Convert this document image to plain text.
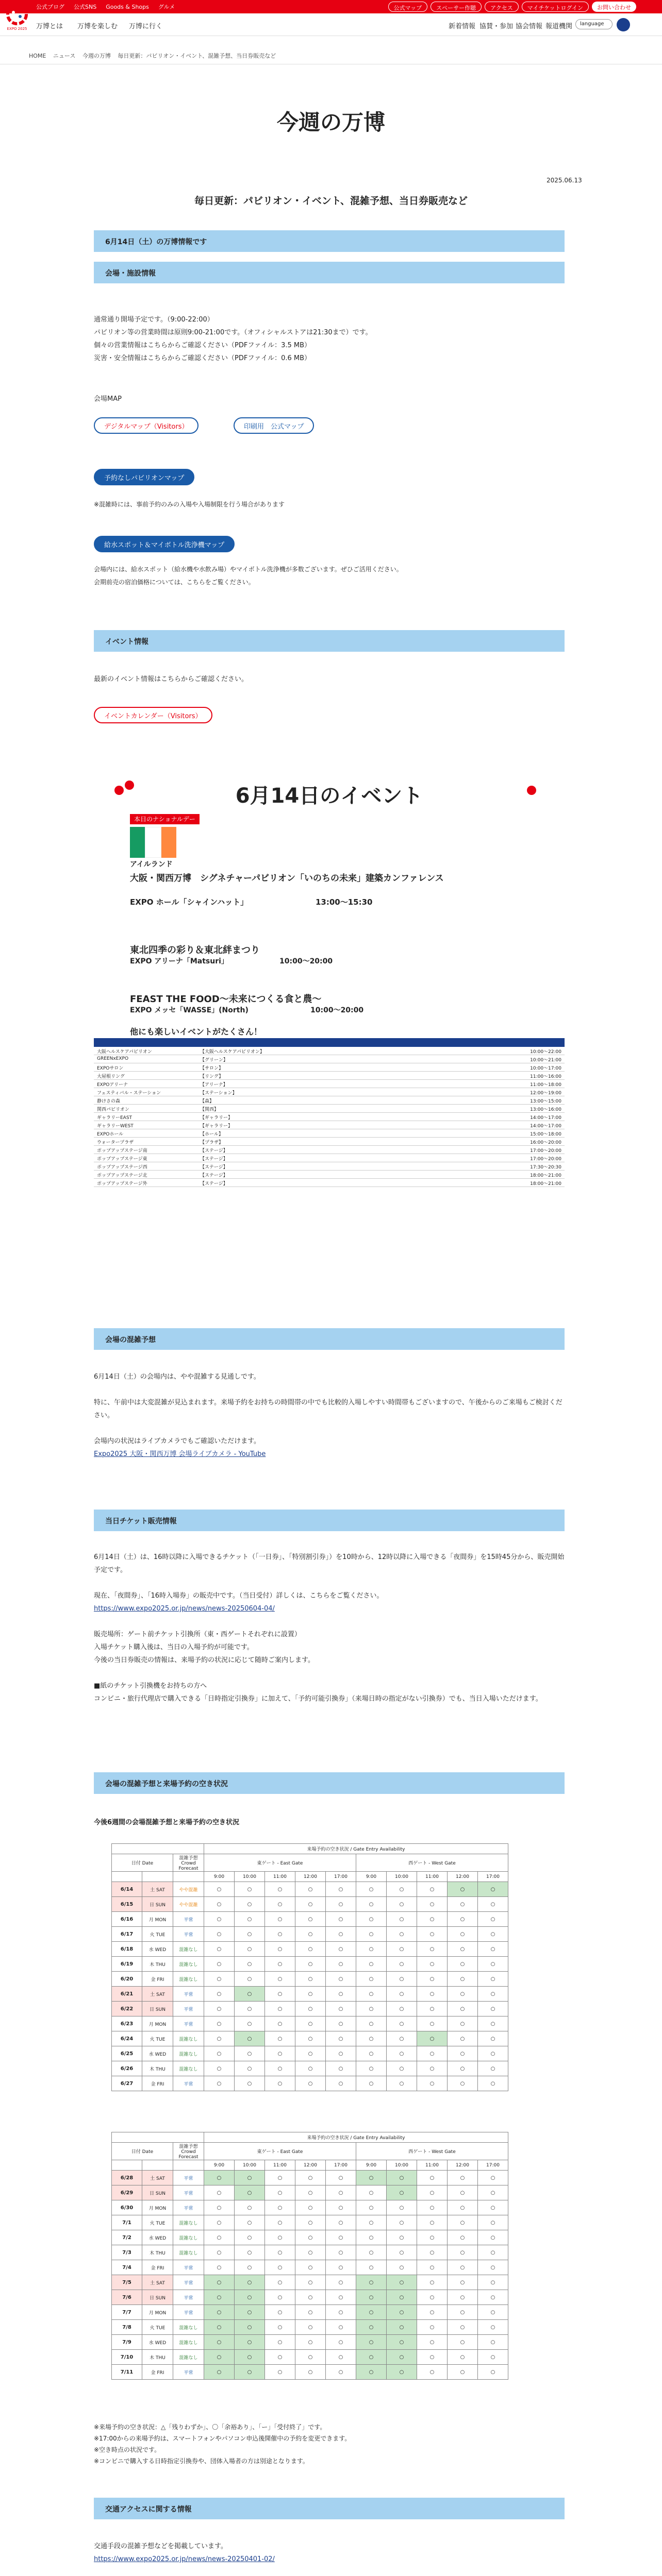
公式ブログ 公式SNS Goods & Shops グルメ	公式マップ	スペーサー作聴	アクセス	マイチケットログイン	お問い合わせ
万博とは 万博を楽しむ 万博に行く	新着情報 協賛・参加 協会情報 報道機関	language
EXPO 2025
HOME ニュース 今週の万博 毎日更新：パビリオン・イベント、混雑予想、当日券販売など
今週の万博
2025.06.13
毎日更新：パビリオン・イベント、混雑予想、当日券販売など
6月14日（土）の万博情報です
会場・施設情報
通常通り開場予定です。（9:00-22:00）
パビリオン等の営業時間は原則9:00-21:00です。（オフィシャルストアは21:30まで）です。
個々の営業情報はこちらからご確認ください（PDFファイル：3.5 MB）
災害・安全情報はこちらからご確認ください（PDFファイル：0.6 MB）
会場MAP
デジタルマップ（Visitors）	印刷用　公式マップ
予約なしパビリオンマップ
※混雑時には、事前予約のみの入場や入場制限を行う場合があります
給水スポット＆マイボトル洗浄機マップ
会場内には、給水スポット（給水機や水飲み場）やマイボトル洗浄機が多数ございます。ぜひご活用ください。
会期前売の宿泊価格については、こちらをご覧ください。
イベント情報
最新のイベント情報はこちらからご確認ください。
イベントカレンダー（Visitors）
6月14日のイベント
本日のナショナルデー
アイルランド
大阪・関西万博　シグネチャーパビリオン「いのちの未来」建築カンファレンス
EXPO ホール「シャインハット」	13:00～15:30
東北四季の彩り＆東北絆まつり
EXPO アリーナ「Matsuri」	10:00～20:00
FEAST THE FOOD～未来につくる食と農～
EXPO メッセ「WASSE」(North)	10:00～20:00
他にも楽しいイベントがたくさん！
大阪ヘルスケアパビリオン	【大阪ヘルスケアパビリオン】	10:00～22:00
GREENxEXPO	【グリーン】	10:00～21:00
EXPOサロン	【サロン】	10:00～17:00
大屋根リング	【リング】	11:00～16:00
EXPOアリーナ	【アリーナ】	11:00～18:00
フェスティバル・ステーション	【ステーション】	12:00～19:00
静けさの森	【森】	13:00～15:00
関西パビリオン	【関西】	13:00～16:00
ギャラリーEAST	【ギャラリー】	14:00～17:00
ギャラリーWEST	【ギャラリー】	14:00～17:00
EXPOホール	【ホール】	15:00～18:00
ウォータープラザ	【プラザ】	16:00～20:00
ポップアップステージ南	【ステージ】	17:00～20:00
ポップアップステージ東	【ステージ】	17:00～20:00
ポップアップステージ西	【ステージ】	17:30～20:30
ポップアップステージ北	【ステージ】	18:00～21:00
ポップアップステージ外	【ステージ】	18:00～21:00
会場の混雑予想
6月14日（土）の会場内は、やや混雑する見通しです。

特に、午前中は大変混雑が見込まれます。来場予約をお持ちの時間帯の中でも比較的入場しやすい時間帯もございますので、午後からのご来場もご検討ください。

会場内の状況はライブカメラでもご確認いただけます。
Expo2025 大阪・関西万博 会場ライブカメラ - YouTube
当日チケット販売情報
6月14日（土）は、16時以降に入場できるチケット（「一日券」、「特別割引券」）を10時から、12時以降に入場できる「夜間券」を15時45分から、販売開始予定です。

現在、「夜間券」、「16時入場券」の販売中です。（当日受付）詳しくは、こちらをご覧ください。
https://www.expo2025.or.jp/news/news-20250604-04/

販売場所：ゲート前チケット引換所（東・西ゲートそれぞれに設置）
入場チケット購入後は、当日の入場予約が可能です。
今後の当日券販売の情報は、来場予約の状況に応じて随時ご案内します。

■紙のチケット引換機をお持ちの方へ
コンビニ・旅行代理店で購入できる「日時指定引換券」に加えて、「予約可能引換券」（来場日時の指定がない引換券）でも、当日入場いただけます。
会場の混雑予想と来場予約の空き状況
今後6週間の会場混雑予想と来場予約の空き状況
			来場予約の空き状況 / Gate Entry Availability									
日付 Date		混雑予想 Crowd Forecast	東ゲート - East Gate					西ゲート - West Gate				
			9:00	10:00	11:00	12:00	17:00	9:00	10:00	11:00	12:00	17:00
6/14	土 SAT	やや混雑	○	○	○	○	○	○	○	○	○	○
6/15	日 SUN	やや混雑	○	○	○	○	○	○	○	○	○	○
6/16	月 MON	平常	○	○	○	○	○	○	○	○	○	○
6/17	火 TUE	平常	○	○	○	○	○	○	○	○	○	○
6/18	水 WED	混雑なし	○	○	○	○	○	○	○	○	○	○
6/19	木 THU	混雑なし	○	○	○	○	○	○	○	○	○	○
6/20	金 FRI	混雑なし	○	○	○	○	○	○	○	○	○	○
6/21	土 SAT	平常	○	○	○	○	○	○	○	○	○	○
6/22	日 SUN	平常	○	○	○	○	○	○	○	○	○	○
6/23	月 MON	平常	○	○	○	○	○	○	○	○	○	○
6/24	火 TUE	混雑なし	○	○	○	○	○	○	○	○	○	○
6/25	水 WED	混雑なし	○	○	○	○	○	○	○	○	○	○
6/26	木 THU	混雑なし	○	○	○	○	○	○	○	○	○	○
6/27	金 FRI	平常	○	○	○	○	○	○	○	○	○	○
			来場予約の空き状況 / Gate Entry Availability									
日付 Date		混雑予想 Crowd Forecast	東ゲート - East Gate					西ゲート - West Gate				
			9:00	10:00	11:00	12:00	17:00	9:00	10:00	11:00	12:00	17:00
6/28	土 SAT	平常	○	○	○	○	○	○	○	○	○	○
6/29	日 SUN	平常	○	○	○	○	○	○	○	○	○	○
6/30	月 MON	平常	○	○	○	○	○	○	○	○	○	○
7/1	火 TUE	混雑なし	○	○	○	○	○	○	○	○	○	○
7/2	水 WED	混雑なし	○	○	○	○	○	○	○	○	○	○
7/3	木 THU	混雑なし	○	○	○	○	○	○	○	○	○	○
7/4	金 FRI	平常	○	○	○	○	○	○	○	○	○	○
7/5	土 SAT	平常	○	○	○	○	○	○	○	○	○	○
7/6	日 SUN	平常	○	○	○	○	○	○	○	○	○	○
7/7	月 MON	平常	○	○	○	○	○	○	○	○	○	○
7/8	火 TUE	混雑なし	○	○	○	○	○	○	○	○	○	○
7/9	水 WED	混雑なし	○	○	○	○	○	○	○	○	○	○
7/10	木 THU	混雑なし	○	○	○	○	○	○	○	○	○	○
7/11	金 FRI	平常	○	○	○	○	○	○	○	○	○	○
※来場予約の空き状況：△「残りわずか」、〇「余裕あり」、「ー」「受付終了」です。
※17:00からの来場予約は、スマートフォンやパソコン申込後開催中の予約を変更できます。
※空き時点の状況です。
※コンビニで購入する日時指定引換券や、団体入場者の方は別途となります。
交通アクセスに関する情報
交通手段の混雑予想などを掲載しています。
https://www.expo2025.or.jp/news/news-20250401-02/
